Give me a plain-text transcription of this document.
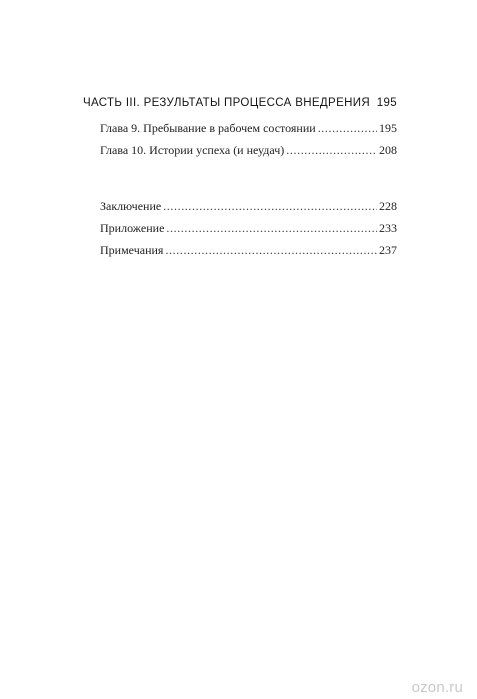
ЧАСТЬ III. РЕЗУЛЬТАТЫ ПРОЦЕССА ВНЕДРЕНИЯ . . . 195
Глава 9. Пребывание в рабочем состоянии . . .	195
Глава 10. Истории успеха (и неудач) . . .	208
Заключение . . .	228
Приложение . . .	233
Примечания . . .	237
ozon.ru
